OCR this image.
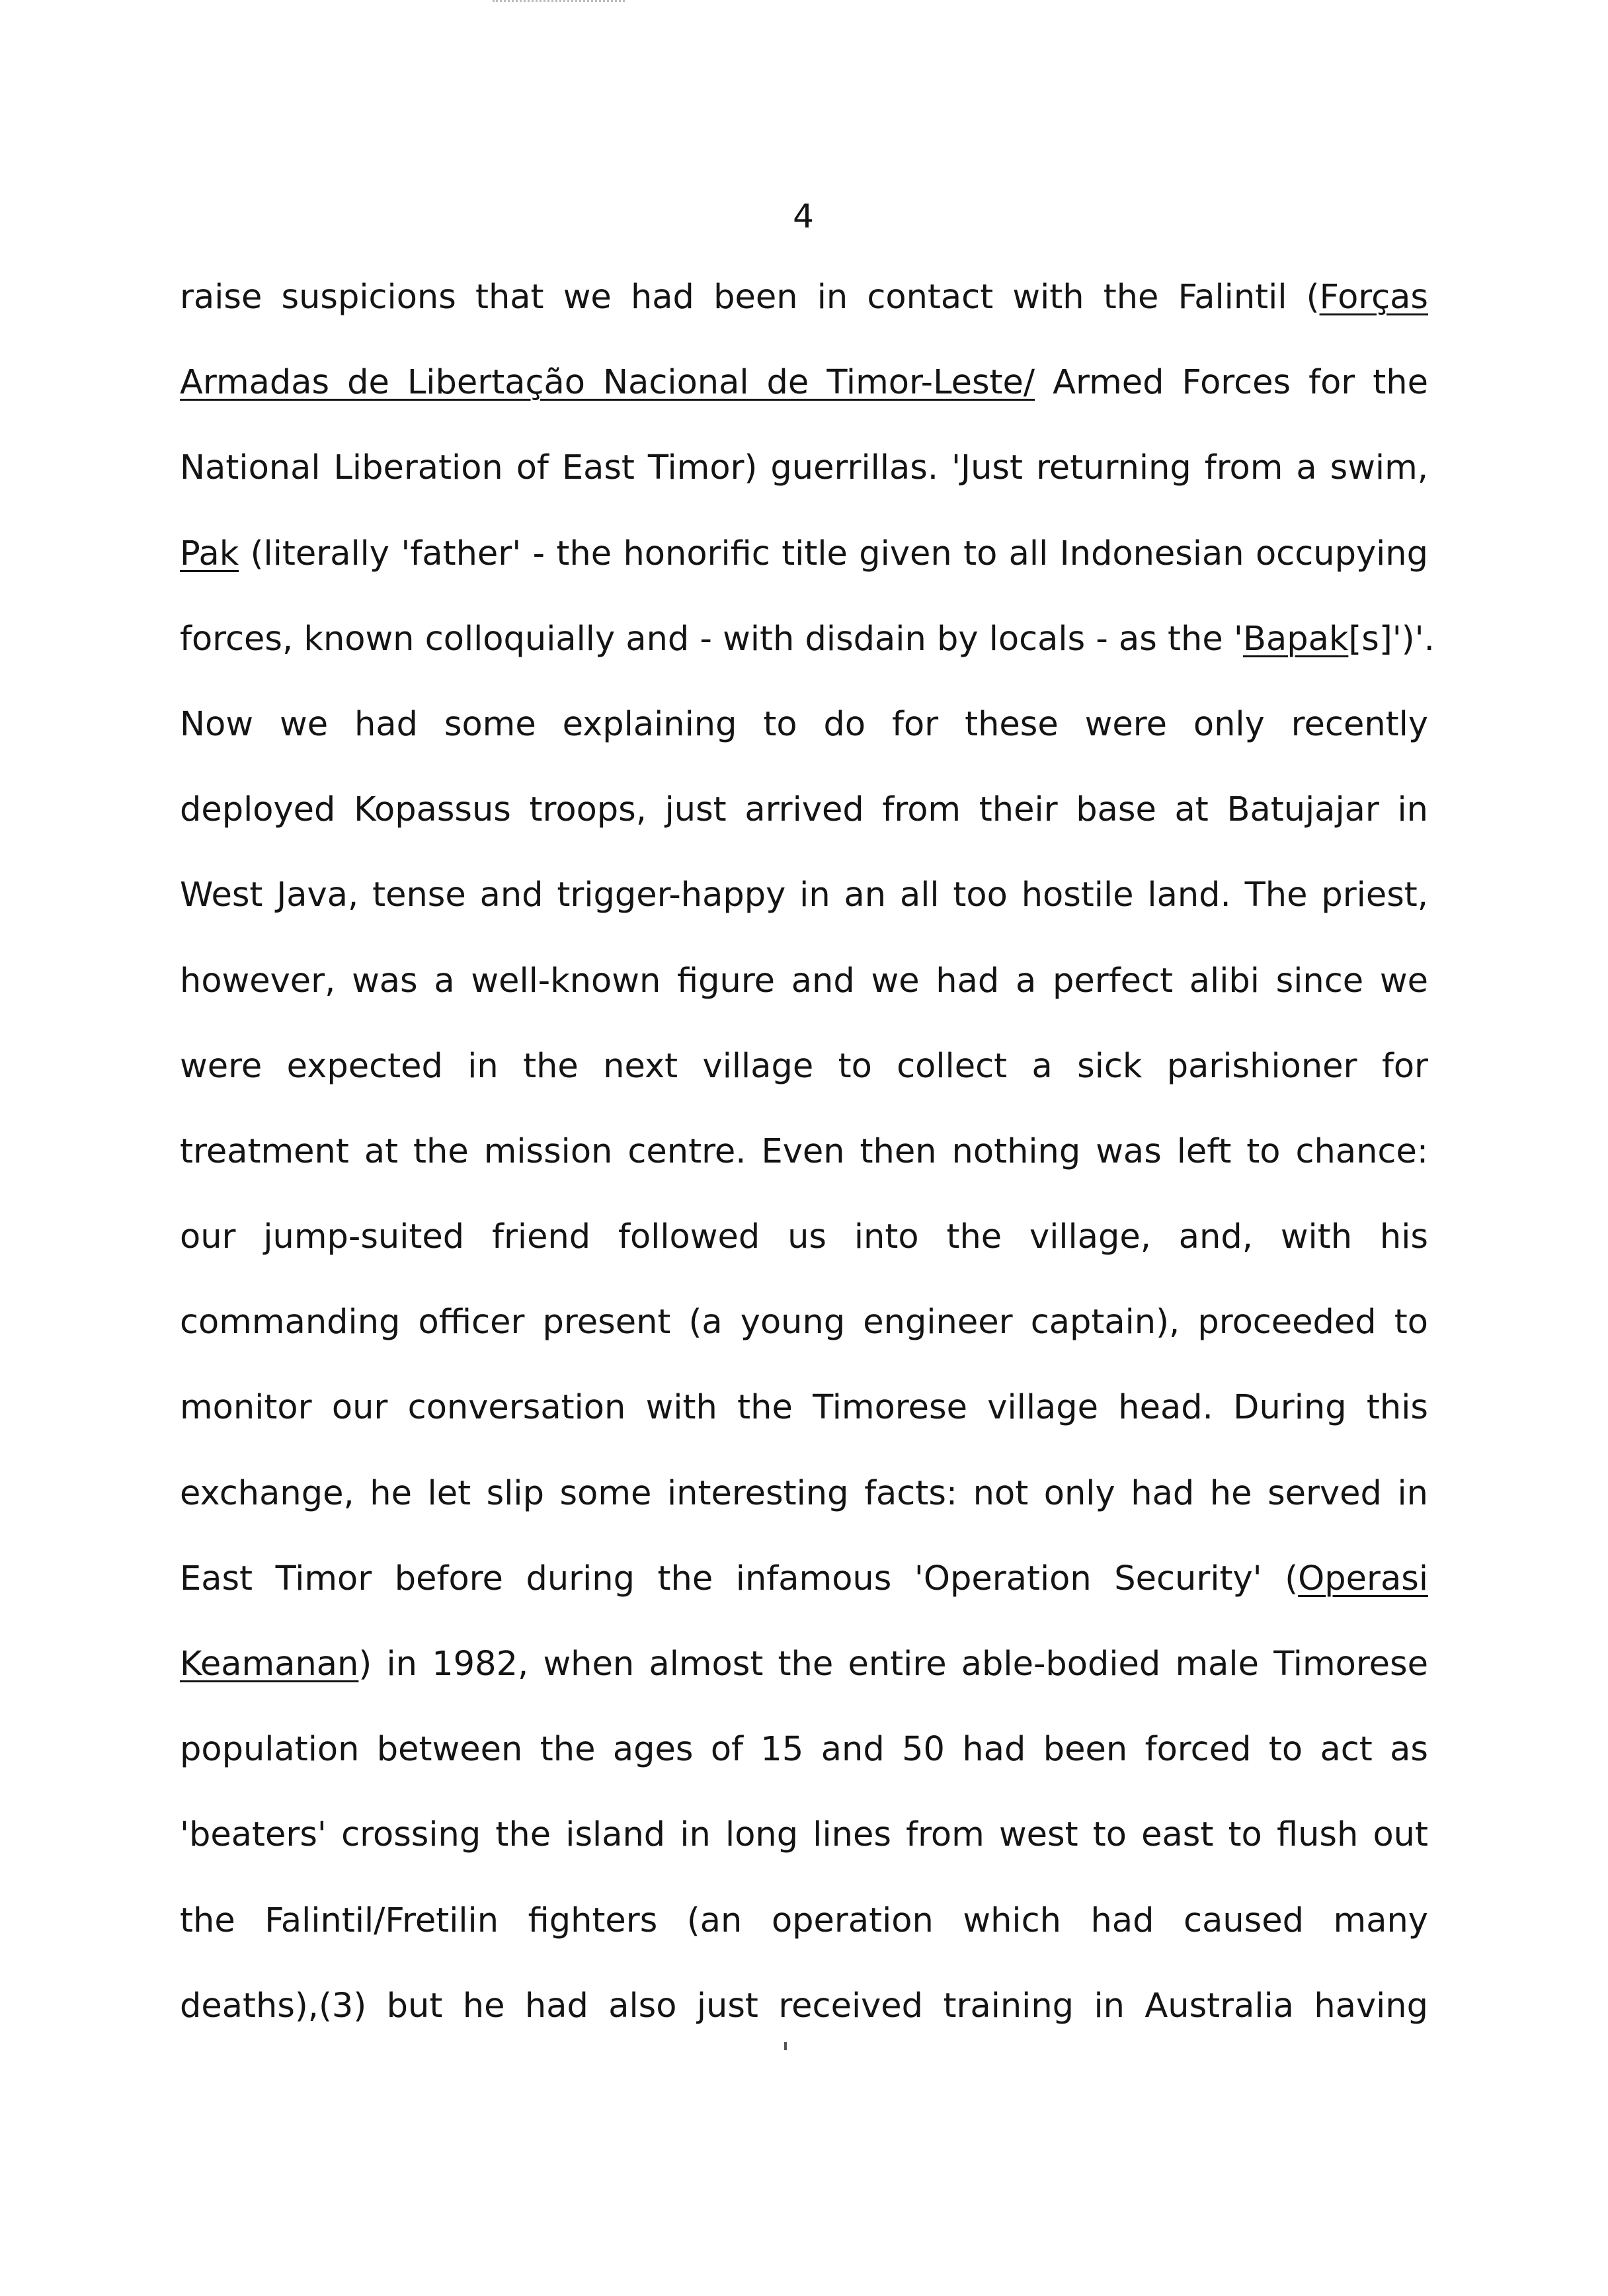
4
raise suspicions that we had been in contact with the Falintil (Forças
Armadas de Libertação Nacional de Timor-Leste/ Armed Forces for the
National Liberation of East Timor) guerrillas. 'Just returning from a swim,
Pak (literally 'father' - the honorific title given to all Indonesian occupying
forces, known colloquially and - with disdain by locals - as the 'Bapak[s]')'.
Now we had some explaining to do for these were only recently
deployed Kopassus troops, just arrived from their base at Batujajar in
West Java, tense and trigger-happy in an all too hostile land. The priest,
however, was a well-known figure and we had a perfect alibi since we
were expected in the next village to collect a sick parishioner for
treatment at the mission centre. Even then nothing was left to chance:
our jump-suited friend followed us into the village, and, with his
commanding officer present (a young engineer captain), proceeded to
monitor our conversation with the Timorese village head. During this
exchange, he let slip some interesting facts: not only had he served in
East Timor before during the infamous 'Operation Security' (Operasi
Keamanan) in 1982, when almost the entire able-bodied male Timorese
population between the ages of 15 and 50 had been forced to act as
'beaters' crossing the island in long lines from west to east to flush out
the Falintil/Fretilin fighters (an operation which had caused many
deaths),(3) but he had also just received training in Australia having
